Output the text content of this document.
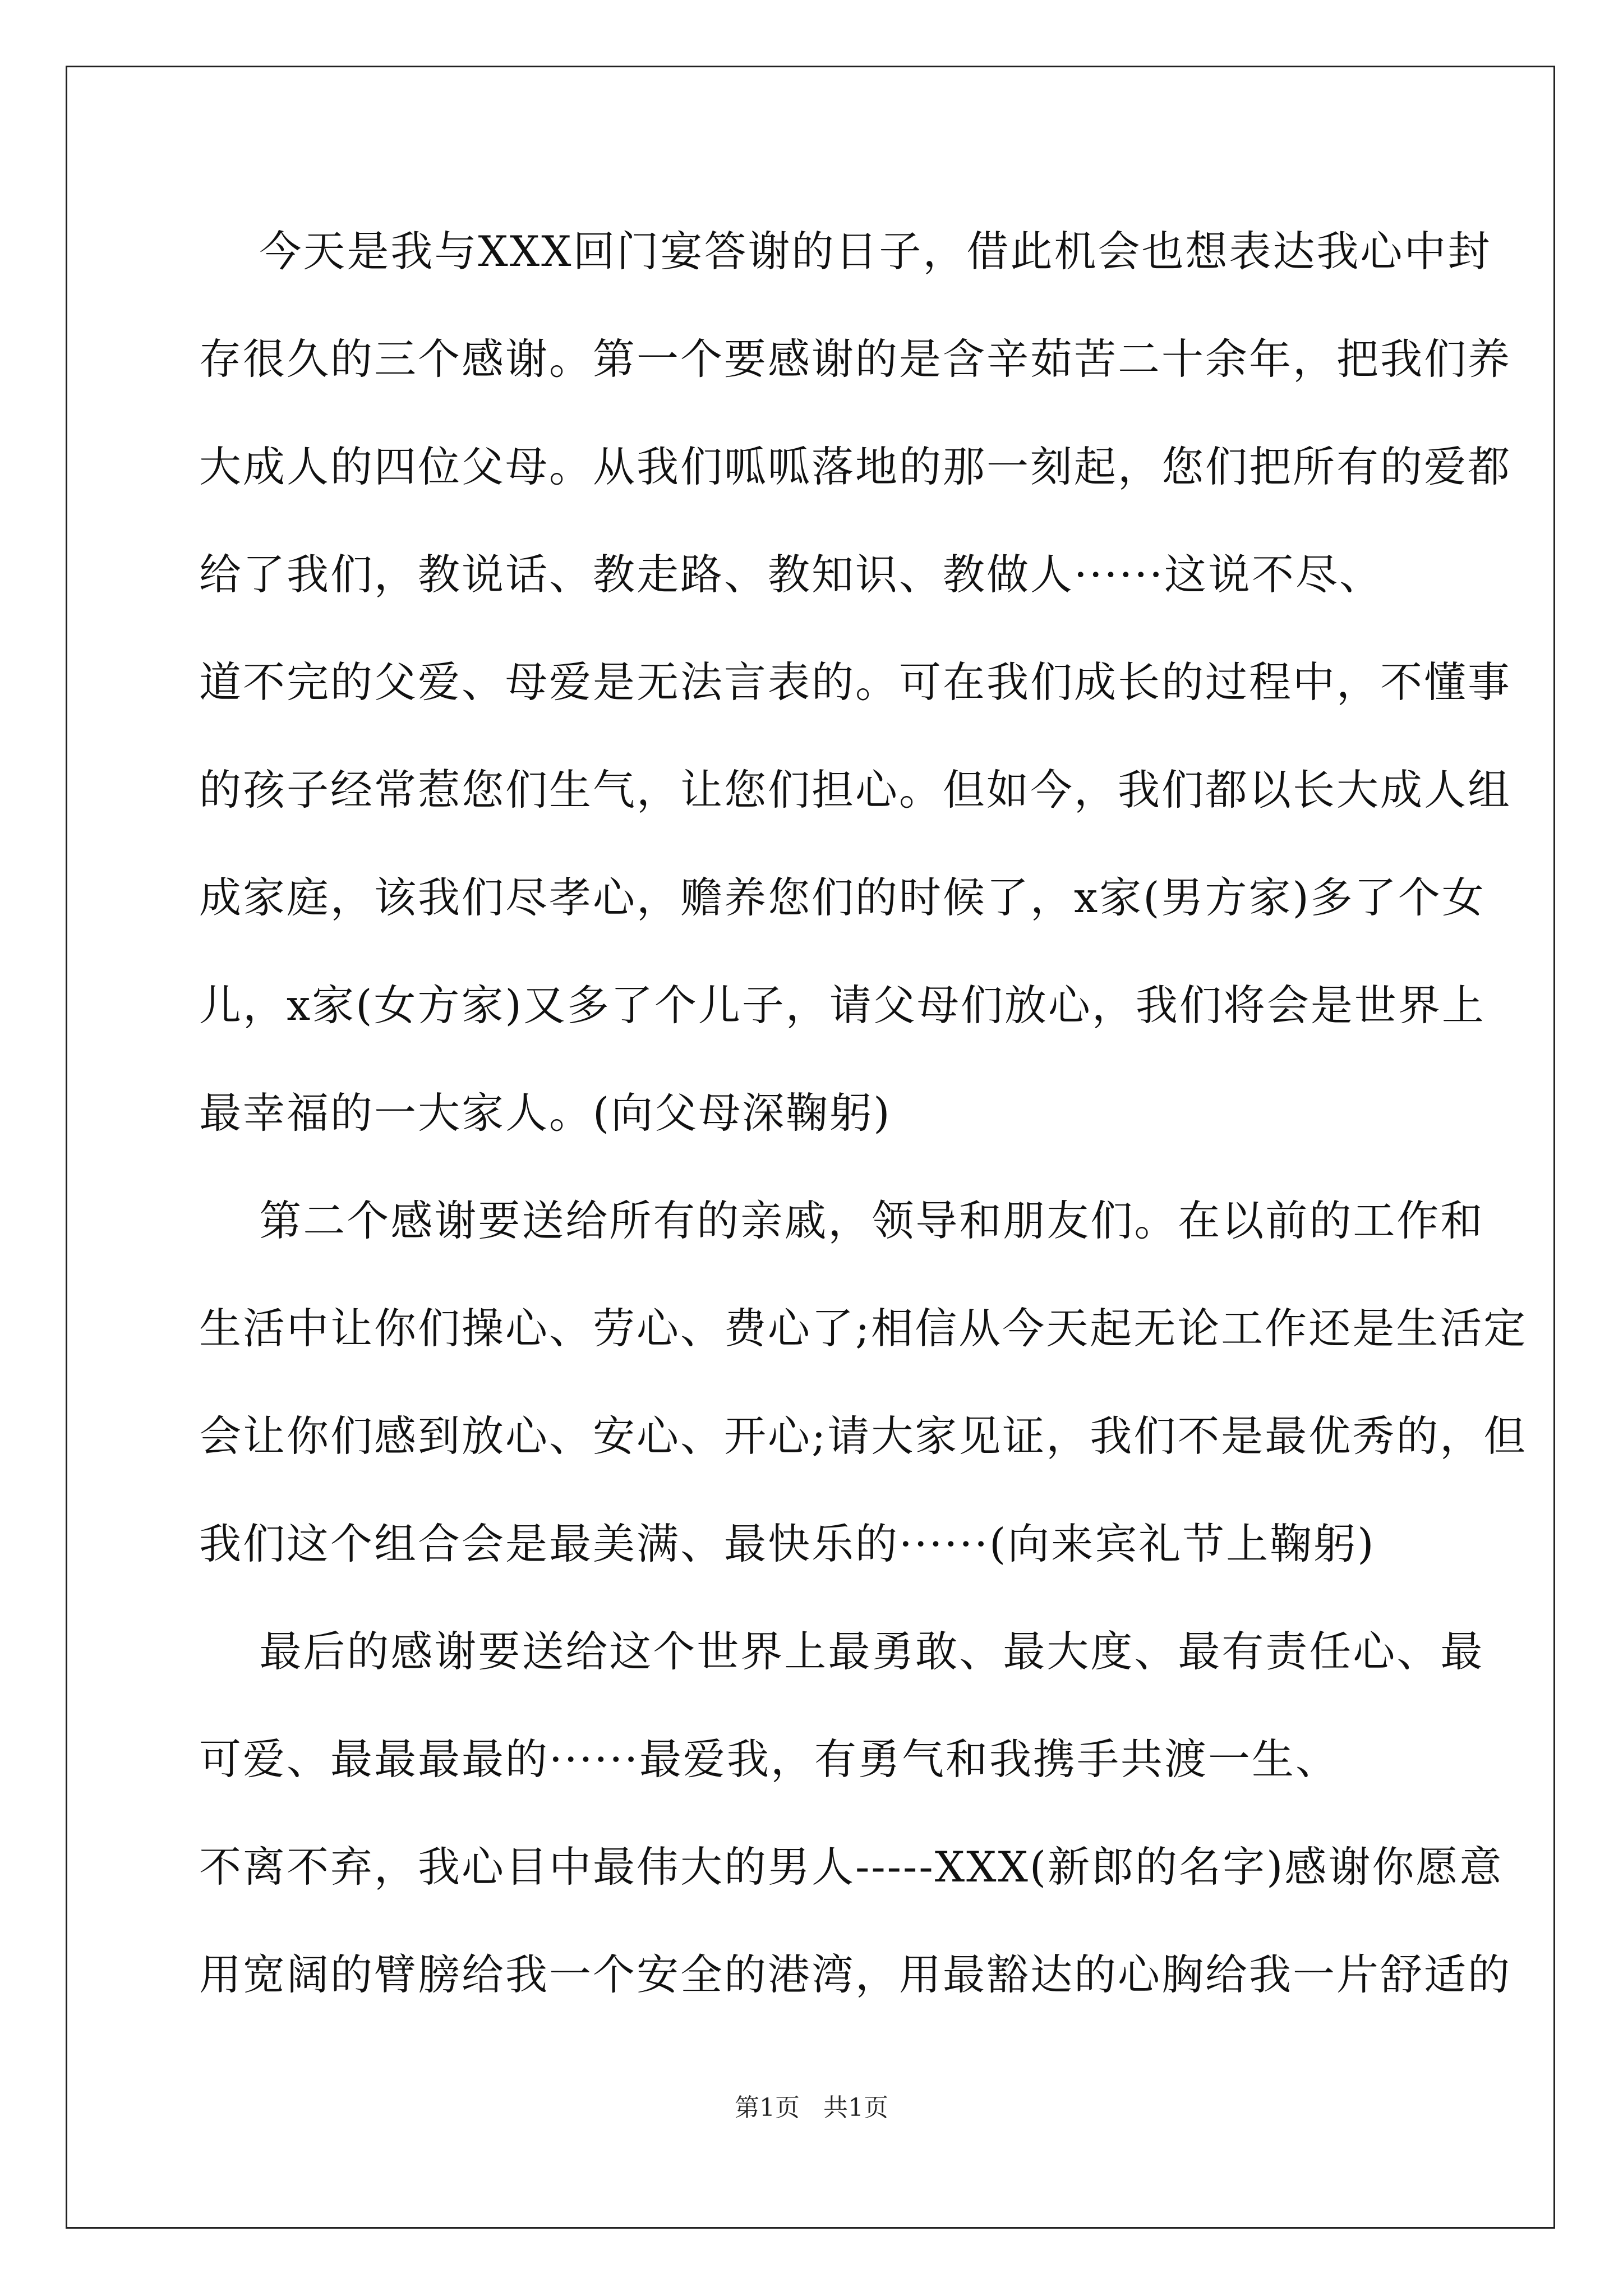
今天是我与XXX回门宴答谢的日子，借此机会也想表达我心中封
存很久的三个感谢。第一个要感谢的是含辛茹苦二十余年，把我们养
大成人的四位父母。从我们呱呱落地的那一刻起，您们把所有的爱都
给了我们，教说话、教走路、教知识、教做人······这说不尽、
道不完的父爱、母爱是无法言表的。可在我们成长的过程中，不懂事
的孩子经常惹您们生气，让您们担心。但如今，我们都以长大成人组
成家庭，该我们尽孝心，赡养您们的时候了，x家(男方家)多了个女
儿，x家(女方家)又多了个儿子，请父母们放心，我们将会是世界上
最幸福的一大家人。(向父母深鞠躬)
第二个感谢要送给所有的亲戚，领导和朋友们。在以前的工作和
生活中让你们操心、劳心、费心了;相信从今天起无论工作还是生活定
会让你们感到放心、安心、开心;请大家见证，我们不是最优秀的，但
我们这个组合会是最美满、最快乐的······(向来宾礼节上鞠躬)
最后的感谢要送给这个世界上最勇敢、最大度、最有责任心、最
可爱、最最最最的······最爱我，有勇气和我携手共渡一生、
不离不弃，我心目中最伟大的男人-----XXX(新郎的名字)感谢你愿意
用宽阔的臂膀给我一个安全的港湾，用最豁达的心胸给我一片舒适的
第1页   共1页
